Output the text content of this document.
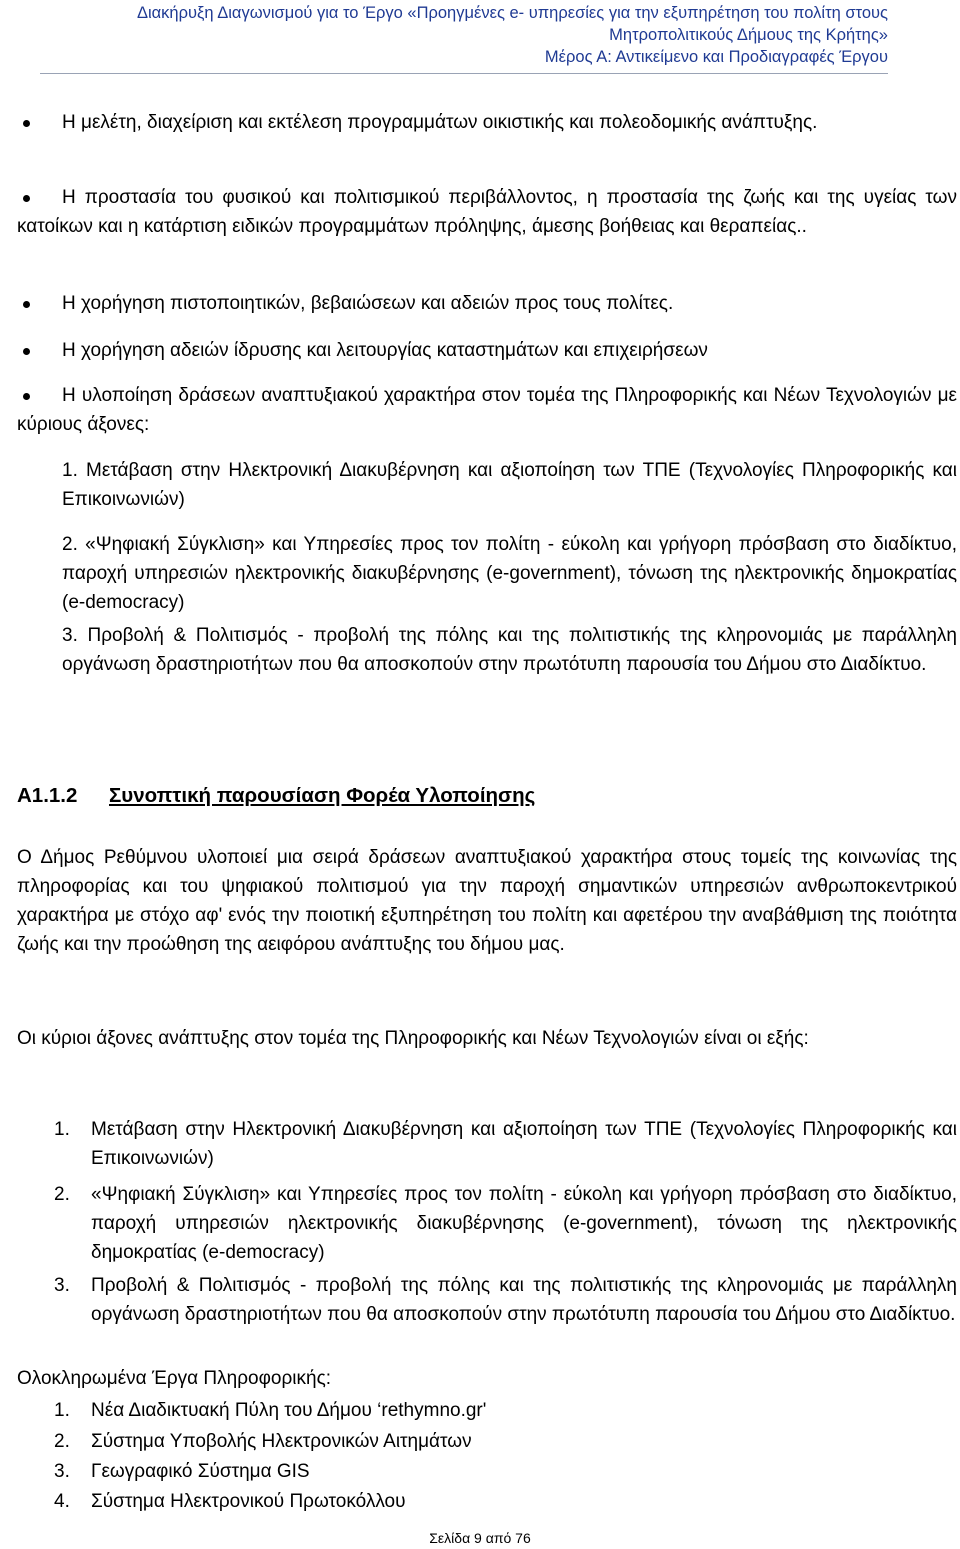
Διακήρυξη Διαγωνισμού για το Έργο «Προηγμένες e- υπηρεσίες για την εξυπηρέτηση του πολίτη στους
Μητροπολιτικούς Δήμους της Κρήτης»
Μέρος Α: Αντικείμενο και Προδιαγραφές Έργου
Η μελέτη, διαχείριση και εκτέλεση προγραμμάτων οικιστικής και πολεοδομικής ανάπτυξης.
Η προστασία του φυσικού και πολιτισμικού περιβάλλοντος, η προστασία της ζωής και της υγείας των κατοίκων και η κατάρτιση ειδικών προγραμμάτων πρόληψης, άμεσης βοήθειας και θεραπείας..
Η χορήγηση πιστοποιητικών, βεβαιώσεων και αδειών προς τους πολίτες.
Η χορήγηση αδειών ίδρυσης και λειτουργίας καταστημάτων και επιχειρήσεων
Η υλοποίηση δράσεων αναπτυξιακού χαρακτήρα στον τομέα της Πληροφορικής και Νέων Τεχνολογιών με κύριους άξονες:
1. Μετάβαση στην Ηλεκτρονική Διακυβέρνηση και αξιοποίηση των ΤΠΕ (Τεχνολογίες Πληροφορικής και Επικοινωνιών)
2. «Ψηφιακή Σύγκλιση» και Υπηρεσίες προς τον πολίτη - εύκολη και γρήγορη πρόσβαση στο διαδίκτυο, παροχή υπηρεσιών ηλεκτρονικής διακυβέρνησης (e-government), τόνωση της ηλεκτρονικής δημοκρατίας (e-democracy)
3. Προβολή & Πολιτισμός - προβολή της πόλης και της πολιτιστικής της κληρονομιάς με παράλληλη οργάνωση δραστηριοτήτων που θα αποσκοπούν στην πρωτότυπη παρουσία του Δήμου στο Διαδίκτυο.
Α1.1.2 Συνοπτική παρουσίαση Φορέα Υλοποίησης
Ο Δήμος Ρεθύμνου υλοποιεί μια σειρά δράσεων αναπτυξιακού χαρακτήρα στους τομείς της κοινωνίας της πληροφορίας και του ψηφιακού πολιτισμού για την παροχή σημαντικών υπηρεσιών ανθρωποκεντρικού χαρακτήρα με στόχο αφ' ενός την ποιοτική εξυπηρέτηση του πολίτη και αφετέρου την αναβάθμιση της ποιότητα ζωής και την προώθηση της αειφόρου ανάπτυξης του δήμου μας.
Οι κύριοι άξονες ανάπτυξης στον τομέα της Πληροφορικής και Νέων Τεχνολογιών είναι οι εξής:
1. Μετάβαση στην Ηλεκτρονική Διακυβέρνηση και αξιοποίηση των ΤΠΕ (Τεχνολογίες Πληροφορικής και Επικοινωνιών)
2. «Ψηφιακή Σύγκλιση» και Υπηρεσίες προς τον πολίτη - εύκολη και γρήγορη πρόσβαση στο διαδίκτυο, παροχή υπηρεσιών ηλεκτρονικής διακυβέρνησης (e-government), τόνωση της ηλεκτρονικής δημοκρατίας (e-democracy)
3. Προβολή & Πολιτισμός - προβολή της πόλης και της πολιτιστικής της κληρονομιάς με παράλληλη οργάνωση δραστηριοτήτων που θα αποσκοπούν στην πρωτότυπη παρουσία του Δήμου στο Διαδίκτυο.
Ολοκληρωμένα Έργα Πληροφορικής:
1. Νέα Διαδικτυακή Πύλη του Δήμου ‘rethymno.gr'
2. Σύστημα Υποβολής Ηλεκτρονικών Αιτημάτων
3. Γεωγραφικό Σύστημα GIS
4. Σύστημα Ηλεκτρονικού Πρωτοκόλλου
Σελίδα 9 από 76
